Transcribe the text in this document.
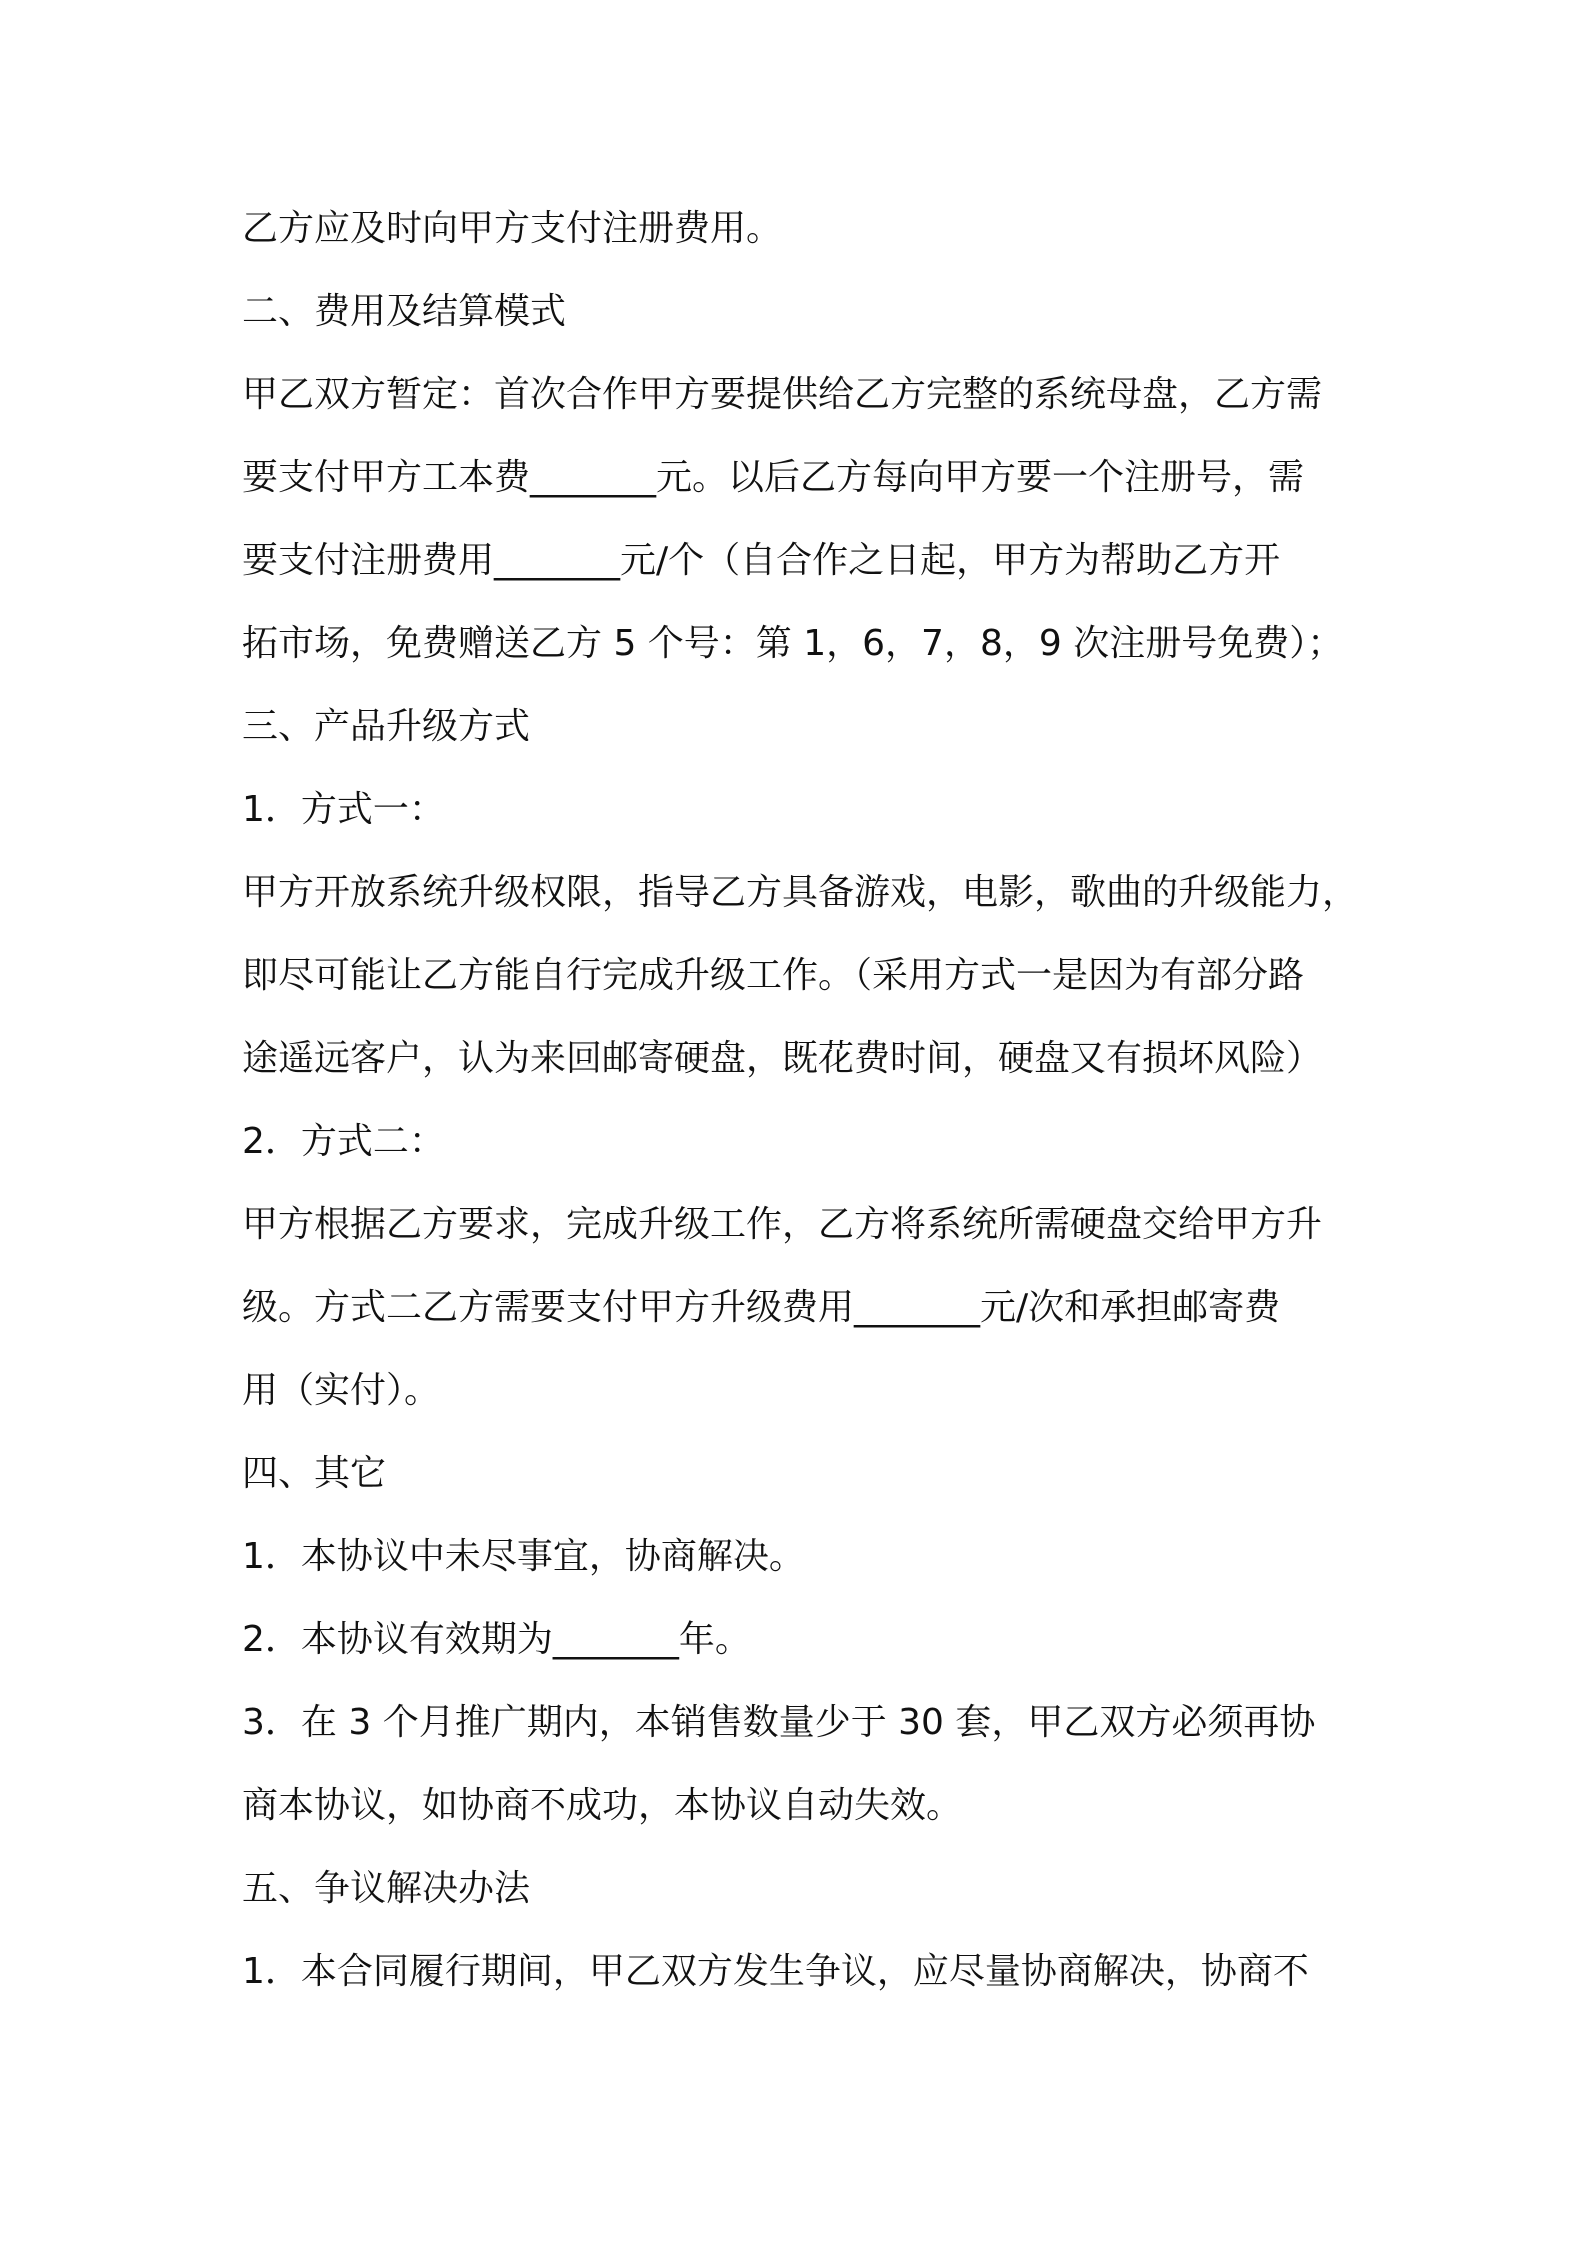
乙方应及时向甲方支付注册费用。
二、费用及结算模式
甲乙双方暂定：首次合作甲方要提供给乙方完整的系统母盘，乙方需
要支付甲方工本费_______元。以后乙方每向甲方要一个注册号，需
要支付注册费用_______元/个（自合作之日起，甲方为帮助乙方开
拓市场，免费赠送乙方 5 个号：第 1，6，7，8，9 次注册号免费）；
三、产品升级方式
1．方式一：
甲方开放系统升级权限，指导乙方具备游戏，电影，歌曲的升级能力，
即尽可能让乙方能自行完成升级工作。（采用方式一是因为有部分路
途遥远客户，认为来回邮寄硬盘，既花费时间，硬盘又有损坏风险）
2．方式二：
甲方根据乙方要求，完成升级工作，乙方将系统所需硬盘交给甲方升
级。方式二乙方需要支付甲方升级费用_______元/次和承担邮寄费
用（实付）。
四、其它
1．本协议中未尽事宜，协商解决。
2．本协议有效期为_______年。
3．在 3 个月推广期内，本销售数量少于 30 套，甲乙双方必须再协
商本协议，如协商不成功，本协议自动失效。
五、争议解决办法
1．本合同履行期间，甲乙双方发生争议，应尽量协商解决，协商不
